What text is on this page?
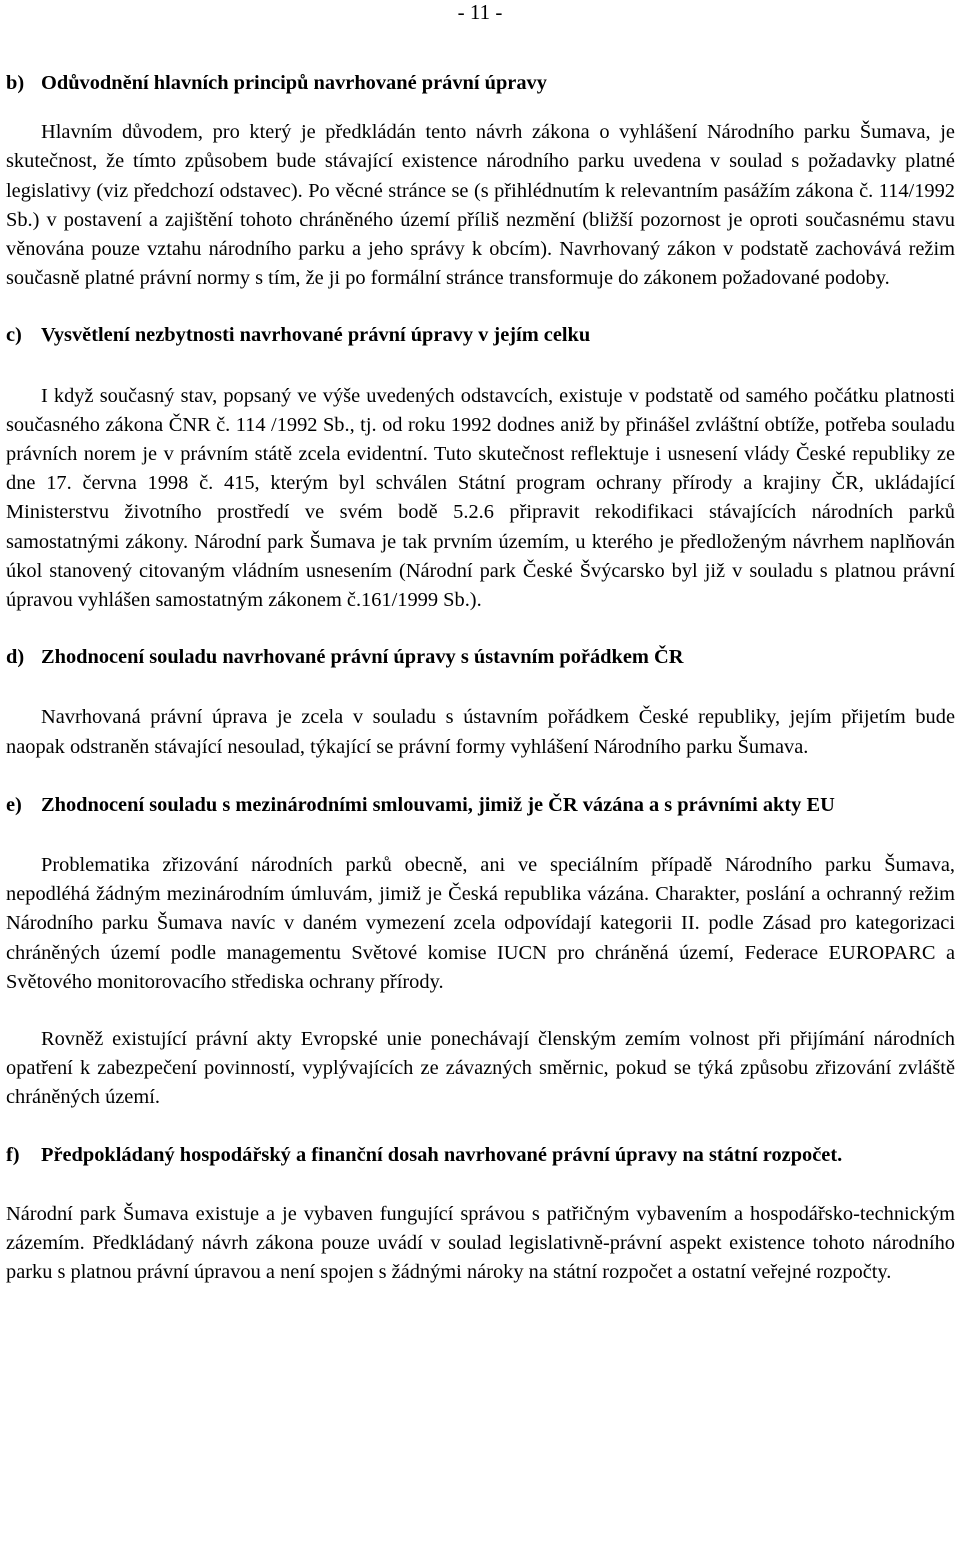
- 11 -
b) Odůvodnění hlavních principů navrhované právní úpravy

Hlavním důvodem, pro který je předkládán tento návrh zákona o vyhlášení Národního parku Šumava, je skutečnost, že tímto způsobem bude stávající existence národního parku uvedena v soulad s požadavky platné legislativy (viz předchozí odstavec). Po věcné stránce se (s přihlédnutím k relevantním pasážím zákona č. 114/1992 Sb.) v postavení a zajištění tohoto chráněného území příliš nezmění (bližší pozornost je oproti současnému stavu věnována pouze vztahu národního parku a jeho správy k obcím). Navrhovaný zákon v podstatě zachovává režim současně platné právní normy s tím, že ji po formální stránce transformuje do zákonem požadované podoby.

c) Vysvětlení nezbytnosti navrhované právní úpravy v jejím celku

I když současný stav, popsaný ve výše uvedených odstavcích, existuje v podstatě od samého počátku platnosti současného zákona ČNR č. 114 /1992 Sb., tj. od roku 1992 dodnes aniž by přinášel zvláštní obtíže, potřeba souladu právních norem je v právním státě zcela evidentní. Tuto skutečnost reflektuje i usnesení vlády České republiky ze dne 17. června 1998 č. 415, kterým byl schválen Státní program ochrany přírody a krajiny ČR, ukládající Ministerstvu životního prostředí ve svém bodě 5.2.6 připravit rekodifikaci stávajících národních parků samostatnými zákony. Národní park Šumava je tak prvním územím, u kterého je předloženým návrhem naplňován úkol stanovený citovaným vládním usnesením (Národní park České Švýcarsko byl již v souladu s platnou právní úpravou vyhlášen samostatným zákonem č.161/1999 Sb.).

d) Zhodnocení souladu navrhované právní úpravy s ústavním pořádkem ČR

Navrhovaná právní úprava je zcela v souladu s ústavním pořádkem České republiky, jejím přijetím bude naopak odstraněn stávající nesoulad, týkající se právní formy vyhlášení Národního parku Šumava.

e) Zhodnocení souladu s mezinárodními smlouvami, jimiž je ČR vázána a s právními akty EU

Problematika zřizování národních parků obecně, ani ve speciálním případě Národního parku Šumava, nepodléhá žádným mezinárodním úmluvám, jimiž je Česká republika vázána. Charakter, poslání a ochranný režim Národního parku Šumava navíc v daném vymezení zcela odpovídají kategorii II. podle Zásad pro kategorizaci chráněných území podle managementu Světové komise IUCN pro chráněná území, Federace EUROPARC a Světového monitorovacího střediska ochrany přírody.

Rovněž existující právní akty Evropské unie ponechávají členským zemím volnost při přijímání národních opatření k zabezpečení povinností, vyplývajících ze závazných směrnic, pokud se týká způsobu zřizování zvláště chráněných území.

f)	Předpokládaný hospodářský a finanční dosah navrhované právní úpravy na státní rozpočet.

Národní park Šumava existuje a je vybaven fungující správou s patřičným vybavením a hospodářsko-technickým zázemím. Předkládaný návrh zákona pouze uvádí v soulad legislativně-právní aspekt existence tohoto národního parku s platnou právní úpravou a není spojen s žádnými nároky na státní rozpočet a ostatní veřejné rozpočty.
